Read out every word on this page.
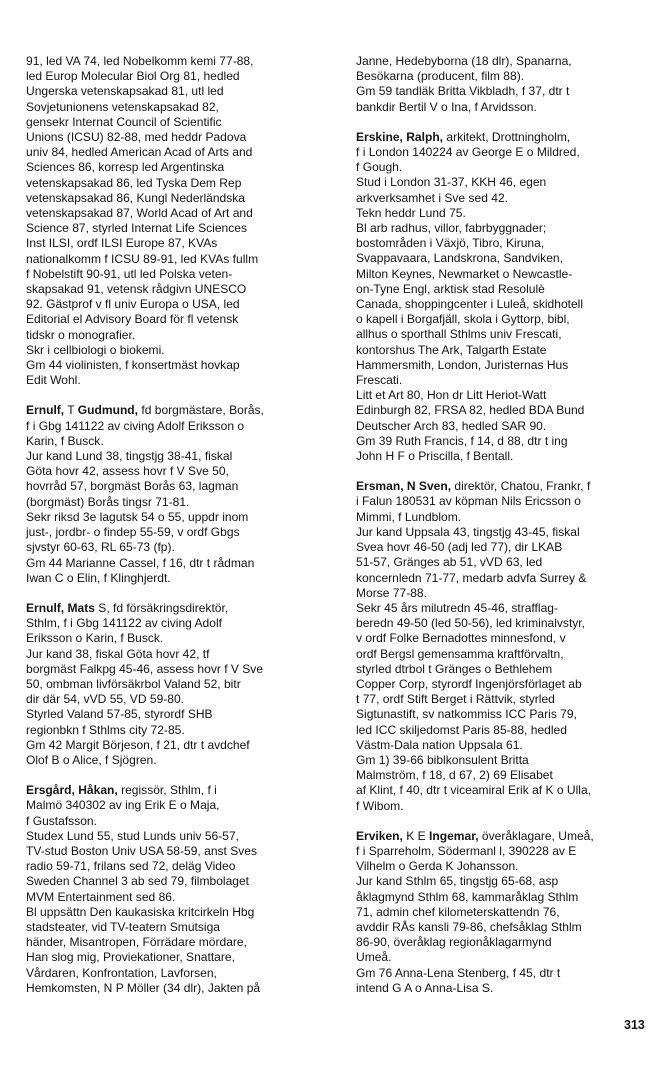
91, led VA 74, led Nobelkomm kemi 77-88,
led Europ Molecular Biol Org 81, hedled
Ungerska vetenskapsakad 81, utl led
Sovjetunionens vetenskapsakad 82,
gensekr Internat Council of Scientific
Unions (ICSU) 82-88, med heddr Padova
univ 84, hedled American Acad of Arts and
Sciences 86, korresp led Argentinska
vetenskapsakad 86, led Tyska Dem Rep
vetenskapsakad 86, Kungl Nederländska
vetenskapsakad 87, World Acad of Art and
Science 87, styrled Internat Life Sciences
Inst ILSI, ordf ILSI Europe 87, KVAs
nationalkomm f ICSU 89-91, led KVAs fullm
f Nobelstift 90-91, utl led Polska veten-
skapsakad 91, vetensk rådgivn UNESCO
92. Gästprof v fl univ Europa o USA, led
Editorial el Advisory Board för fl vetensk
tidskr o monografier.
Skr i cellbiologi o biokemi.
Gm 44 violinisten, f konsertmäst hovkap
Edit Wohl.
Ernulf, T Gudmund, fd borgmästare, Borås,
f i Gbg 141122 av civing Adolf Eriksson o
Karin, f Busck.
Jur kand Lund 38, tingstjg 38-41, fiskal
Göta hovr 42, assess hovr f V Sve 50,
hovrråd 57, borgmäst Borås 63, lagman
(borgmäst) Borås tingsr 71-81.
Sekr riksd 3e lagutsk 54 o 55, uppdr inom
just-, jordbr- o findep 55-59, v ordf Gbgs
sjvstyr 60-63, RL 65-73 (fp).
Gm 44 Marianne Cassel, f 16, dtr t rådman
Iwan C o Elin, f Klinghjerdt.
Ernulf, Mats S, fd försäkringsdirektör,
Sthlm, f i Gbg 141122 av civing Adolf
Eriksson o Karin, f Busck.
Jur kand 38, fiskal Göta hovr 42, tf
borgmäst Falkpg 45-46, assess hovr f V Sve
50, ombman livförsäkrbol Valand 52, bitr
dir där 54, vVD 55, VD 59-80.
Styrled Valand 57-85, styrordf SHB
regionbkn f Sthlms city 72-85.
Gm 42 Margit Börjeson, f 21, dtr t avdchef
Olof B o Alice, f Sjögren.
Ersgård, Håkan, regissör, Sthlm, f i
Malmö 340302 av ing Erik E o Maja,
f Gustafsson.
Studex Lund 55, stud Lunds univ 56-57,
TV-stud Boston Univ USA 58-59, anst Sves
radio 59-71, frilans sed 72, deläg Video
Sweden Channel 3 ab sed 79, filmbolaget
MVM Entertainment sed 86.
Bl uppsättn Den kaukasiska kritcirkeln Hbg
stadsteater, vid TV-teatern Smutsiga
händer, Misantropen, Förrädare mördare,
Han slog mig, Proviekationer, Snattare,
Vårdaren, Konfrontation, Lavforsen,
Hemkomsten, N P Möller (34 dlr), Jakten på
Janne, Hedebyborna (18 dlr), Spanarna,
Besökarna (producent, film 88).
Gm 59 tandläk Britta Vikbladh, f 37, dtr t
bankdir Bertil V o Ina, f Arvidsson.
Erskine, Ralph, arkitekt, Drottningholm,
f i London 140224 av George E o Mildred,
f Gough.
Stud i London 31-37, KKH 46, egen
arkverksamhet i Sve sed 42.
Tekn heddr Lund 75.
Bl arb radhus, villor, fabrbyggnader;
bostområden i Växjö, Tibro, Kiruna,
Svappavaara, Landskrona, Sandviken,
Milton Keynes, Newmarket o Newcastle-
on-Tyne Engl, arktisk stad Resolulè
Canada, shoppingcenter i Luleå, skidhotell
o kapell i Borgafjäll, skola i Gyttorp, bibl,
allhus o sporthall Sthlms univ Frescati,
kontorshus The Ark, Talgarth Estate
Hammersmith, London, Juristernas Hus
Frescati.
Litt et Art 80, Hon dr Litt Heriot-Watt
Edinburgh 82, FRSA 82, hedled BDA Bund
Deutscher Arch 83, hedled SAR 90.
Gm 39 Ruth Francis, f 14, d 88, dtr t ing
John H F o Priscilla, f Bentall.
Ersman, N Sven, direktör, Chatou, Frankr, f
i Falun 180531 av köpman Nils Ericsson o
Mimmi, f Lundblom.
Jur kand Uppsala 43, tingstjg 43-45, fiskal
Svea hovr 46-50 (adj led 77), dir LKAB
51-57, Gränges ab 51, vVD 63, led
koncernledn 71-77, medarb advfa Surrey &
Morse 77-88.
Sekr 45 års milutredn 45-46, strafflag-
beredn 49-50 (led 50-56), led kriminalvstyr,
v ordf Folke Bernadottes minnesfond, v
ordf Bergsl gemensamma kraftförvaltn,
styrled dtrbol t Gränges o Bethlehem
Copper Corp, styrordf Ingenjörsförlaget ab
t 77, ordf Stift Berget i Rättvik, styrled
Sigtunastift, sv natkommiss ICC Paris 79,
led ICC skiljedomst Paris 85-88, hedled
Västm-Dala nation Uppsala 61.
Gm 1) 39-66 biblkonsulent Britta
Malmström, f 18, d 67, 2) 69 Elisabet
af Klint, f 40, dtr t viceamiral Erik af K o Ulla,
f Wibom.
Erviken, K E Ingemar, överåklagare, Umeå,
f i Sparreholm, Södermanl l, 390228 av E
Vilhelm o Gerda K Johansson.
Jur kand Sthlm 65, tingstjg 65-68, asp
åklagmynd Sthlm 68, kammaråklag Sthlm
71, admin chef kilometerskattendn 76,
avddir RÅs kansli 79-86, chefsåklag Sthlm
86-90, överåklag regionåklagarmynd
Umeå.
Gm 76 Anna-Lena Stenberg, f 45, dtr t
intend G A o Anna-Lisa S.
313
